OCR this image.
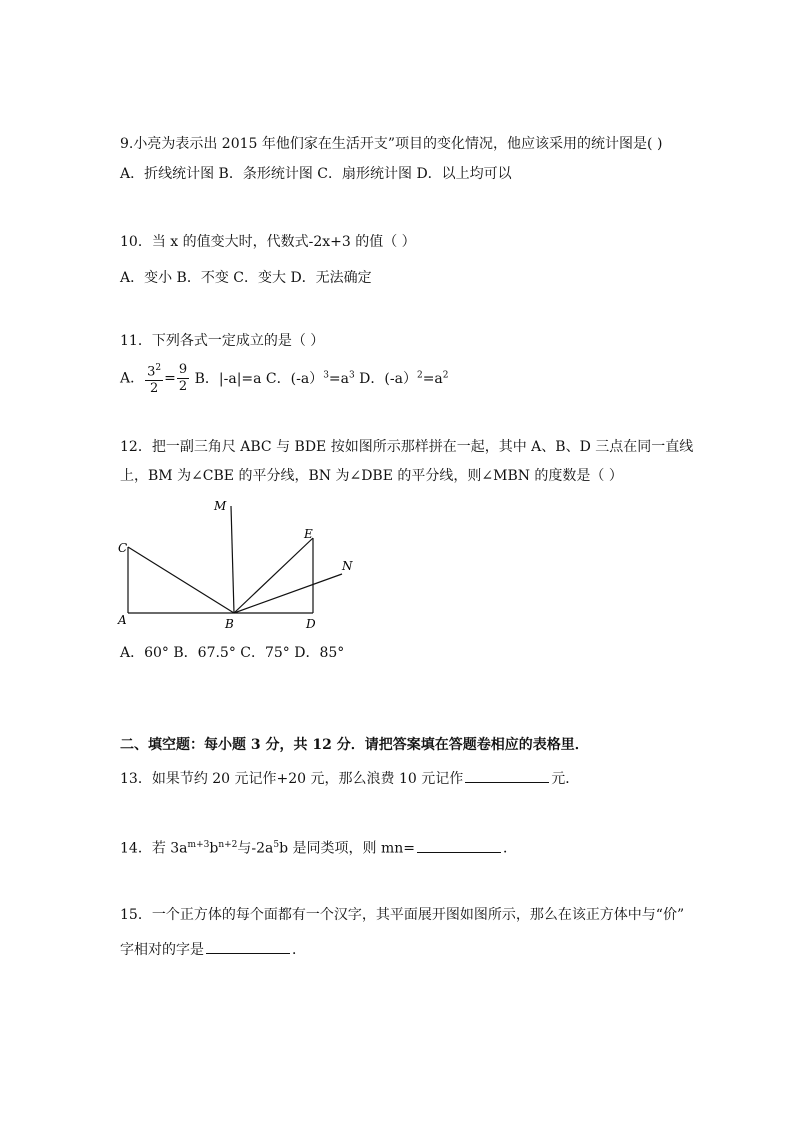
9.小亮为表示出 2015 年他们家在生活开支”项目的变化情况，他应该采用的统计图是( )
A．折线统计图 B．条形统计图 C．扇形统计图 D．以上均可以
10．当 x 的值变大时，代数式-2x+3 的值（ ）
A．变小 B．不变 C．变大 D．无法确定
11．下列各式一定成立的是（ ）
A． $\frac{3^2}{2} = \frac{9}{2}$ B．|-a|=a C．$(-a)^3=a^3$ D．$(-a)^2=a^2$
12．把一副三角尺 ABC 与 BDE 按如图所示那样拼在一起，其中 A、B、D 三点在同一直线
上，BM 为∠CBE 的平分线，BN 为∠DBE 的平分线，则∠MBN 的度数是（ ）
C
A	B	D
E
M
N
A．60° B．67.5° C．75° D．85°
二、填空题：每小题 3 分，共 12 分．请把答案填在答题卷相应的表格里．
13．如果节约 20 元记作+20 元，那么浪费 10 元记作	元．
14．若 $3a^{m+3}b^{n+2}$与$-2a^5b$ 是同类项，则 mn=	．
15．一个正方体的每个面都有一个汉字，其平面展开图如图所示，那么在该正方体中与“价”
字相对的字是	．
